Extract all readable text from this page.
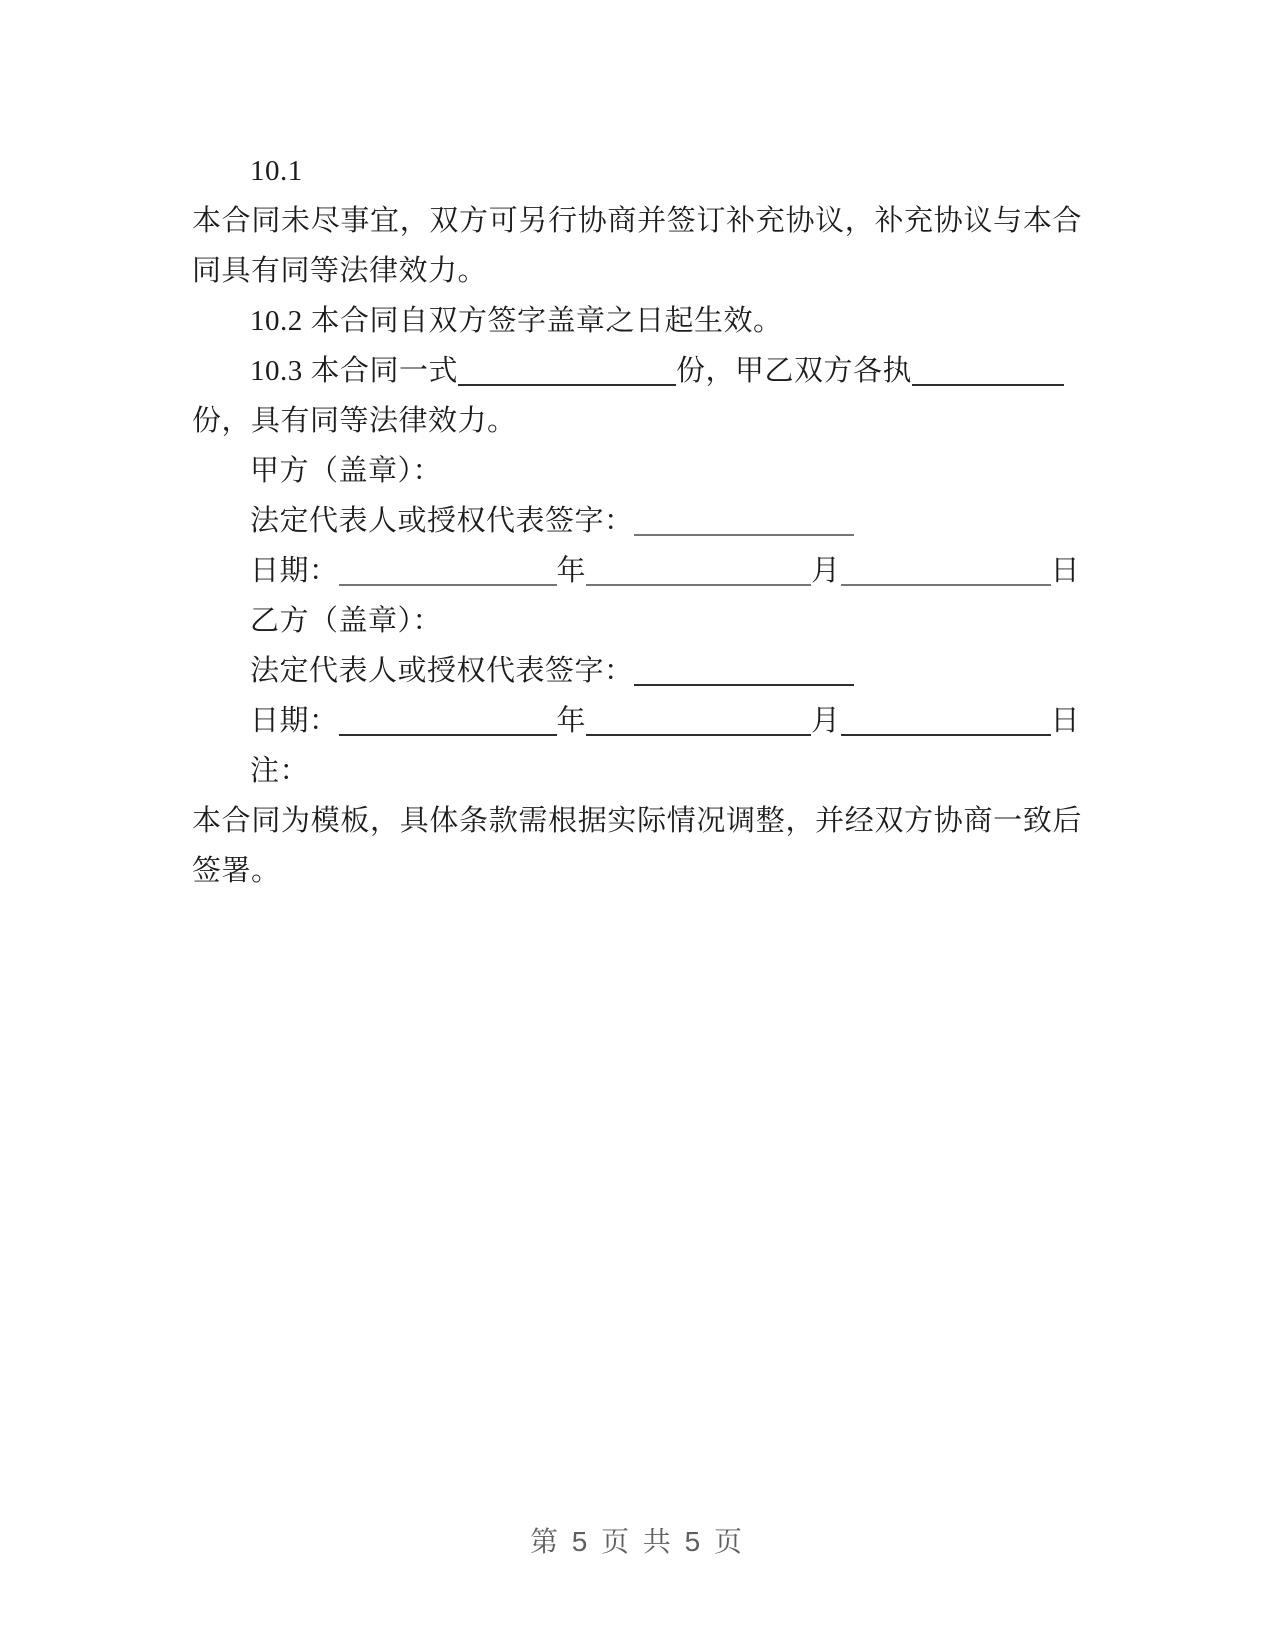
10.1
本合同未尽事宜，双方可另行协商并签订补充协议，补充协议与本合
同具有同等法律效力。
10.2 本合同自双方签字盖章之日起生效。
10.3 本合同一式	份，甲乙双方各执
份，具有同等法律效力。
甲方（盖章）：
法定代表人或授权代表签字：
日期：	年	月	日
乙方（盖章）：
法定代表人或授权代表签字：
日期：	年	月	日
注：
本合同为模板，具体条款需根据实际情况调整，并经双方协商一致后
签署。
第 5 页 共 5 页
